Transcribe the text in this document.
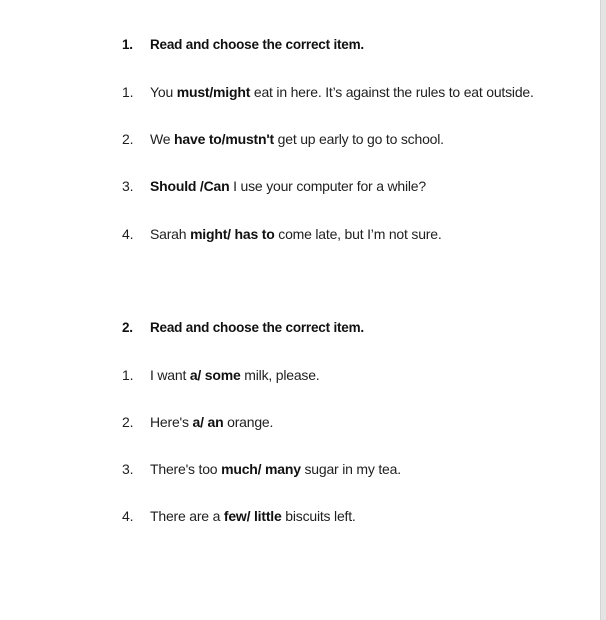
1. Read and choose the correct item.
1. You must/might eat in here. It’s against the rules to eat outside.
2. We have to/mustn't get up early to go to school.
3. Should /Can I use your computer for a while?
4. Sarah might/ has to come late, but I’m not sure.
2. Read and choose the correct item.
1. I want a/ some milk, please.
2. Here's a/ an orange.
3. There's too much/ many sugar in my tea.
4. There are a few/ little biscuits left.
